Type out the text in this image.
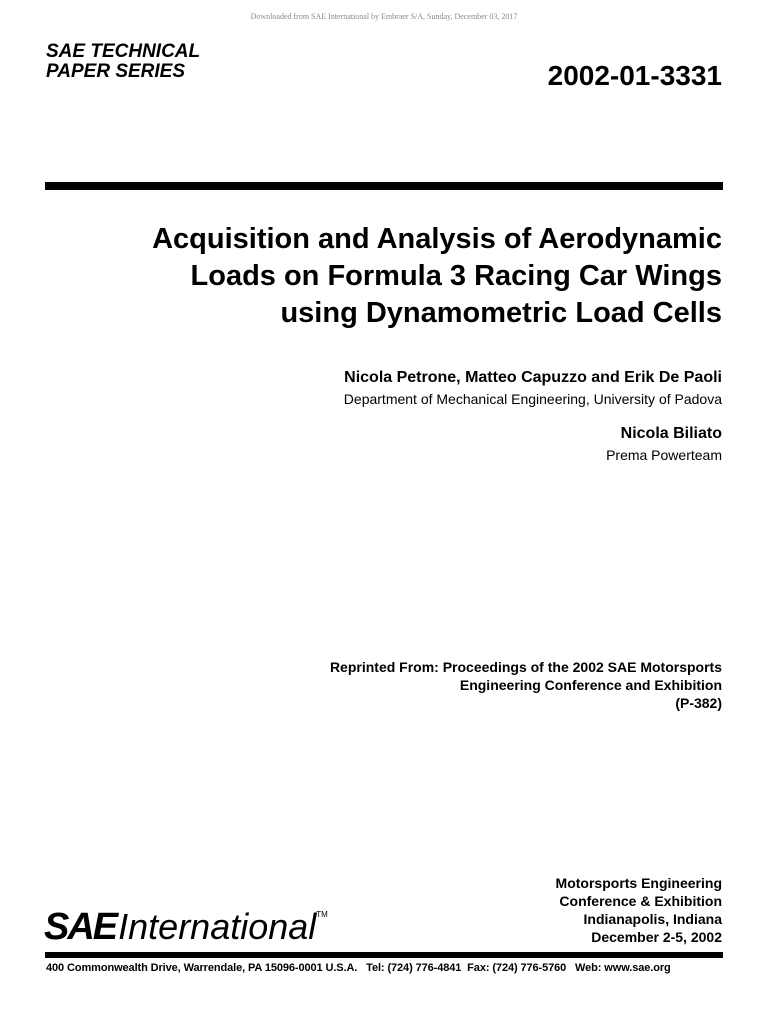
Downloaded from SAE International by Embraer S/A, Sunday, December 03, 2017
SAE TECHNICAL
PAPER SERIES	2002-01-3331
Acquisition and Analysis of Aerodynamic
Loads on Formula 3 Racing Car Wings
using Dynamometric Load Cells
Nicola Petrone, Matteo Capuzzo and Erik De Paoli
Department of Mechanical Engineering, University of Padova
Nicola Biliato
Prema Powerteam
Reprinted From: Proceedings of the 2002 SAE Motorsports
Engineering Conference and Exhibition
(P-382)
Motorsports Engineering
Conference & Exhibition
Indianapolis, Indiana
December 2-5, 2002
SAE International TM
400 Commonwealth Drive, Warrendale, PA 15096-0001 U.S.A.   Tel: (724) 776-4841  Fax: (724) 776-5760   Web: www.sae.org
